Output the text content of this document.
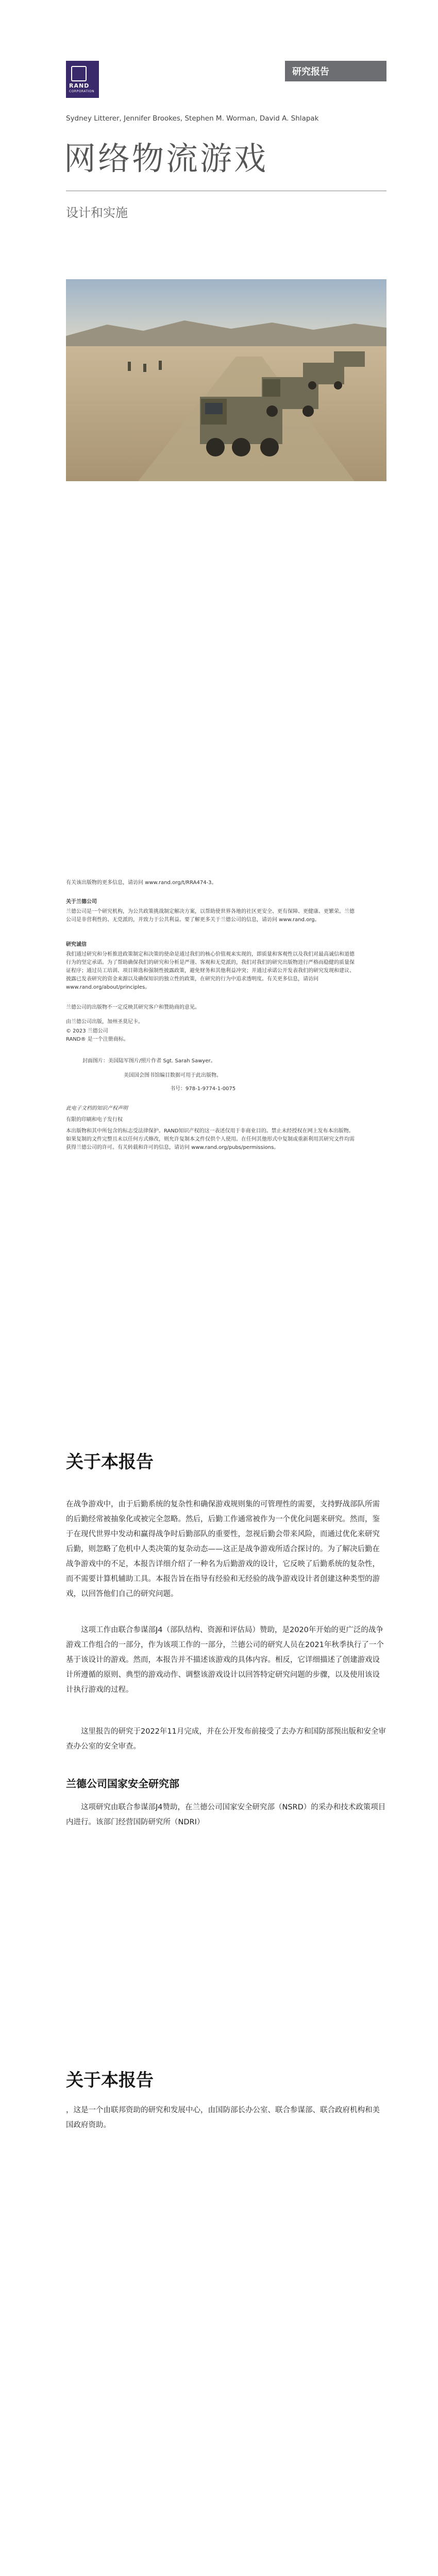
RAND
CORPORATION
研究报告
Sydney Litterer, Jennifer Brookes, Stephen M. Worman, David A. Shlapak
网络物流游戏
设计和实施
有关该出版物的更多信息，请访问 www.rand.org/t/RRA474-3。
关于兰德公司
兰德公司是一个研究机构，为公共政策挑战制定解决方案，以帮助使世界各地的社区更安全、更有保障、更健康、更繁荣。兰德公司是非营利性的、无党派的，并致力于公共利益。要了解更多关于兰德公司的信息，请访问 www.rand.org。
研究诚信
我们通过研究和分析推进政策制定和决策的使命是通过我们的核心价值观来实现的，即质量和客观性以及我们对最高诚信和道德行为的坚定承诺。为了帮助确保我们的研究和分析是严谨、客观和无党派的，我们对我们的研究出版物进行严格而稳健的质量保证程序；通过员工培训、项目筛选和强制性披露政策，避免财务和其他利益冲突；并通过承诺公开发表我们的研究发现和建议、披露已发表研究的资金来源以及确保知识的独立性的政策，在研究的行为中追求透明度。有关更多信息，请访问 www.rand.org/about/principles。
兰德公司的出版物不一定反映其研究客户和赞助商的意见。
由兰德公司出版，加州圣莫尼卡。
© 2023 兰德公司
RAND® 是一个注册商标。
封面图片：美国陆军图片/照片作者 Sgt. Sarah Sawyer。
美国国会图书馆编目数据可用于此出版物。
书号：978-1-9774-1-0075
此电子文档的知识产权声明
有限的印刷和电子发行权
本出版物和其中所包含的标志受法律保护。RAND知识产权的这一表述仅用于非商业目的。禁止未经授权在网上发布本出版物。如果复制的文件完整且未以任何方式修改，则允许复制本文件仅供个人使用。在任何其他形式中复制或重新利用其研究文件均需获得兰德公司的许可。有关转载和许可的信息，请访问 www.rand.org/pubs/permissions。
关于本报告
在战争游戏中，由于后勤系统的复杂性和确保游戏规则集的可管理性的需要，支持野战部队所需的后勤经常被抽象化或被完全忽略。然后，后勤工作通常被作为一个优化问题来研究。然而，鉴于在现代世界中发动和赢得战争时后勤部队的重要性，忽视后勤会带来风险，而通过优化来研究后勤，则忽略了危机中人类决策的复杂动态——这正是战争游戏所适合探讨的。为了解决后勤在战争游戏中的不足，本报告详细介绍了一种名为后勤游戏的设计，它反映了后勤系统的复杂性，而不需要计算机辅助工具。本报告旨在指导有经验和无经验的战争游戏设计者创建这种类型的游戏，以回答他们自己的研究问题。
这项工作由联合参谋部J4（部队结构、资源和评估局）赞助，是2020年开始的更广泛的战争游戏工作组合的一部分，作为该项工作的一部分，兰德公司的研究人员在2021年秋季执行了一个基于该设计的游戏。然而，本报告并不描述该游戏的具体内容。相反，它详细描述了创建游戏设计所遵循的原则、典型的游戏动作、调整该游戏设计以回答特定研究问题的步骤，以及使用该设计执行游戏的过程。
这里报告的研究于2022年11月完成，并在公开发布前接受了去办方和国防部预出版和安全审查办公室的安全审查。
兰德公司国家安全研究部
这项研究由联合参谋部J4赞助，在兰德公司国家安全研究部（NSRD）的采办和技术政策项目内进行。该部门经营国防研究所（NDRI）
关于本报告
，这是一个由联邦资助的研究和发展中心，由国防部长办公室、联合参谋部、联合政府机构和美国政府资助。
